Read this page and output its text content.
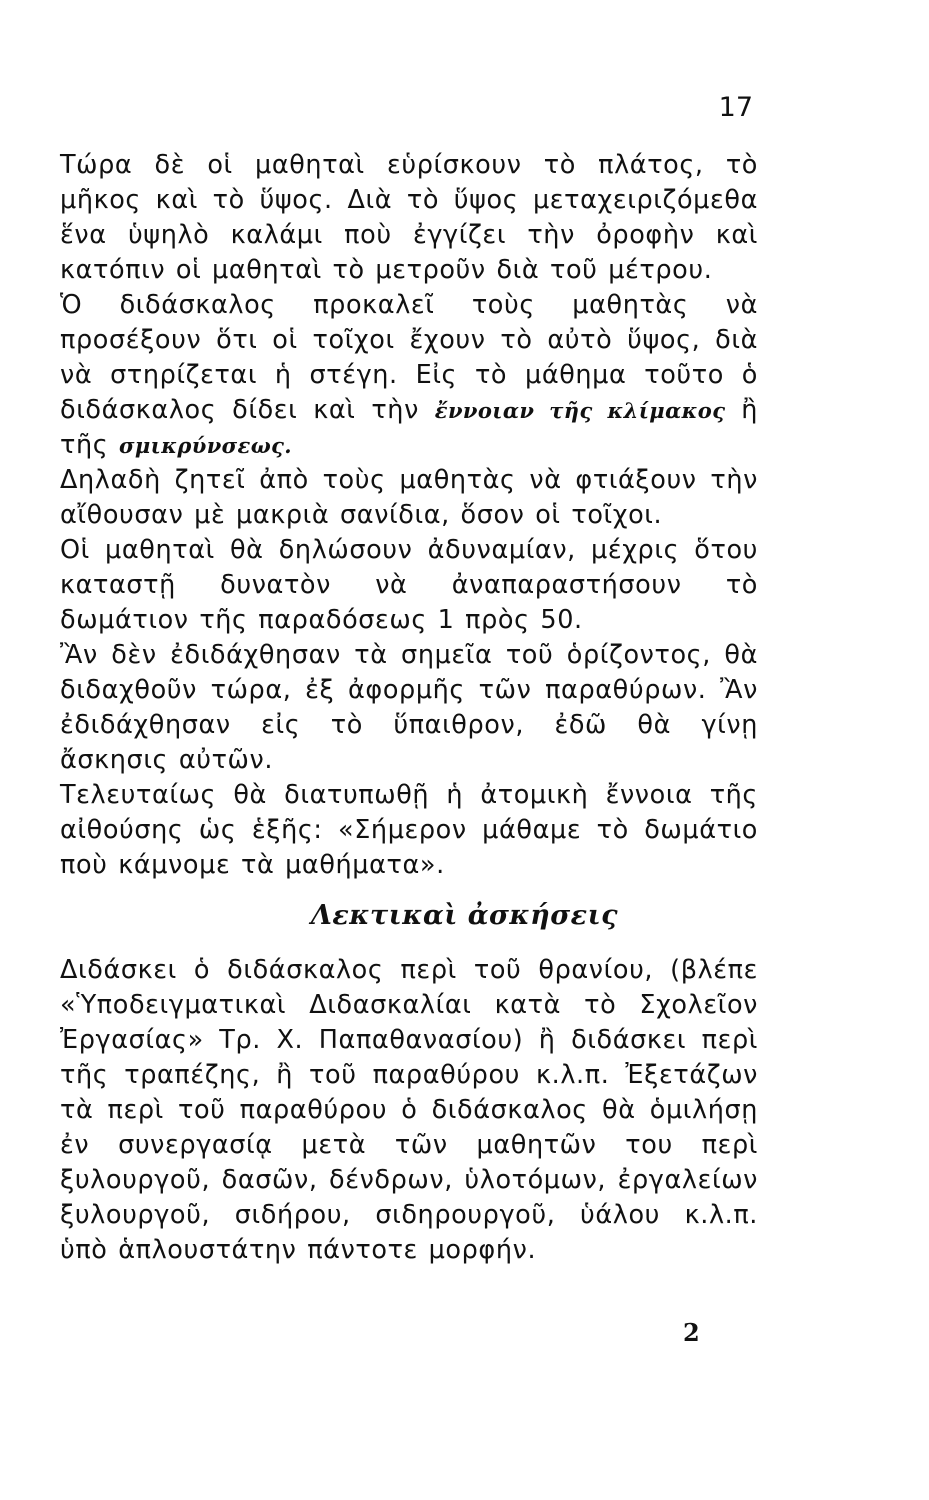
17

Τώρα δὲ οἱ μαθηταὶ εὑρίσκουν τὸ πλάτος, τὸ μῆκος καὶ τὸ ὕψος. Διὰ τὸ ὕψος μεταχειριζόμεθα ἕνα ὑψηλὸ καλάμι ποὺ ἐγγίζει τὴν ὀροφὴν καὶ κατόπιν οἱ μαθηταὶ τὸ μετροῦν διὰ τοῦ μέτρου.

Ὁ διδάσκαλος προκαλεῖ τοὺς μαθητὰς νὰ προσέξουν ὅτι οἱ τοῖχοι ἔχουν τὸ αὐτὸ ὕψος, διὰ νὰ στηρίζεται ἡ στέγη. Εἰς τὸ μάθημα τοῦτο ὁ διδάσκαλος δίδει καὶ τὴν ἔννοιαν τῆς κλίμακος ἢ τῆς σμικρύνσεως.

Δηλαδὴ ζητεῖ ἀπὸ τοὺς μαθητὰς νὰ φτιάξουν τὴν αἴθουσαν μὲ μακριὰ σανίδια, ὅσον οἱ τοῖχοι.

Οἱ μαθηταὶ θὰ δηλώσουν ἀδυναμίαν, μέχρις ὅτου καταστῇ δυνατὸν νὰ ἀναπαραστήσουν τὸ δωμάτιον τῆς παραδόσεως 1 πρὸς 50.

Ἂν δὲν ἐδιδάχθησαν τὰ σημεῖα τοῦ ὁρίζοντος, θὰ διδαχθοῦν τώρα, ἐξ ἀφορμῆς τῶν παραθύρων. Ἂν ἐδιδάχθησαν εἰς τὸ ὕπαιθρον, ἐδῶ θὰ γίνῃ ἄσκησις αὐτῶν.

Τελευταίως θὰ διατυπωθῇ ἡ ἀτομικὴ ἔννοια τῆς αἰθούσης ὡς ἑξῆς: «Σήμερον μάθαμε τὸ δωμάτιο ποὺ κάμνομε τὰ μαθήματα».

Λεκτικαὶ ἀσκήσεις

Διδάσκει ὁ διδάσκαλος περὶ τοῦ θρανίου, (βλέπε «Ὑποδειγματικαὶ Διδασκαλίαι κατὰ τὸ Σχολεῖον Ἐργασίας» Τρ. Χ. Παπαθανασίου) ἢ διδάσκει περὶ τῆς τραπέζης, ἢ τοῦ παραθύρου κ.λ.π. Ἐξετάζων τὰ περὶ τοῦ παραθύρου ὁ διδάσκαλος θὰ ὁμιλήσῃ ἐν συνεργασίᾳ μετὰ τῶν μαθητῶν του περὶ ξυλουργοῦ, δασῶν, δένδρων, ὑλοτόμων, ἐργαλείων ξυλουργοῦ, σιδήρου, σιδηρουργοῦ, ὑάλου κ.λ.π. ὑπὸ ἁπλουστάτην πάντοτε μορφήν.

2
